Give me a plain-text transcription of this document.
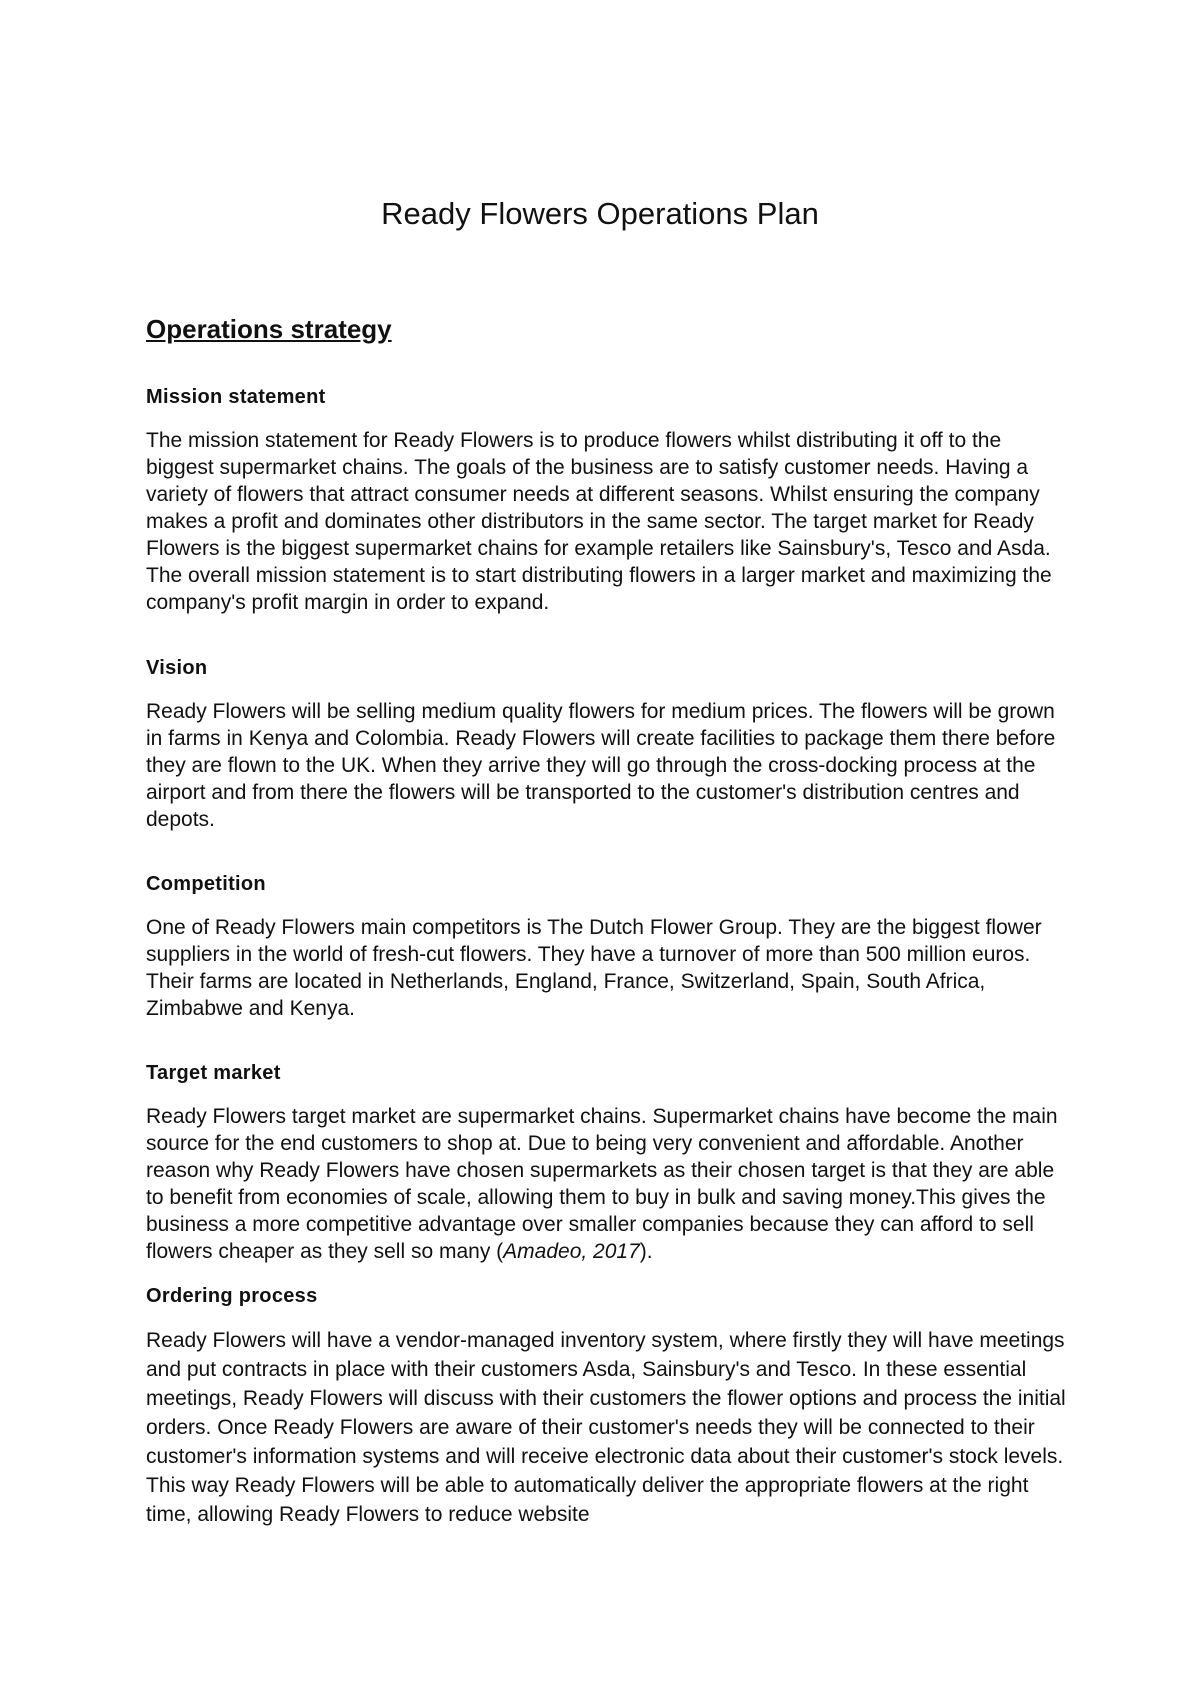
Ready Flowers Operations Plan
Operations strategy
Mission statement

The mission statement for Ready Flowers is to produce flowers whilst distributing it off to the biggest supermarket chains. The goals of the business are to satisfy customer needs. Having a variety of flowers that attract consumer needs at different seasons. Whilst ensuring the company makes a profit and dominates other distributors in the same sector. The target market for Ready Flowers is the biggest supermarket chains for example retailers like Sainsbury's, Tesco and Asda. The overall mission statement is to start distributing flowers in a larger market and maximizing the company's profit margin in order to expand.

Vision

Ready Flowers will be selling medium quality flowers for medium prices. The flowers will be grown in farms in Kenya and Colombia. Ready Flowers will create facilities to package them there before they are flown to the UK. When they arrive they will go through the cross-docking process at the airport and from there the flowers will be transported to the customer's distribution centres and depots.

Competition

One of Ready Flowers main competitors is The Dutch Flower Group. They are the biggest flower suppliers in the world of fresh-cut flowers. They have a turnover of more than 500 million euros. Their farms are located in Netherlands, England, France, Switzerland, Spain, South Africa, Zimbabwe and Kenya.

Target market

Ready Flowers target market are supermarket chains. Supermarket chains have become the main source for the end customers to shop at. Due to being very convenient and affordable. Another reason why Ready Flowers have chosen supermarkets as their chosen target is that they are able to benefit from economies of scale, allowing them to buy in bulk and saving money.This gives the business a more competitive advantage over smaller companies because they can afford to sell flowers cheaper as they sell so many (Amadeo, 2017).

Ordering process

Ready Flowers will have a vendor-managed inventory system, where firstly they will have meetings and put contracts in place with their customers Asda, Sainsbury's and Tesco. In these essential meetings, Ready Flowers will discuss with their customers the flower options and process the initial orders. Once Ready Flowers are aware of their customer's needs they will be connected to their customer's information systems and will receive electronic data about their customer's stock levels. This way Ready Flowers will be able to automatically deliver the appropriate flowers at the right time, allowing Ready Flowers to reduce website
